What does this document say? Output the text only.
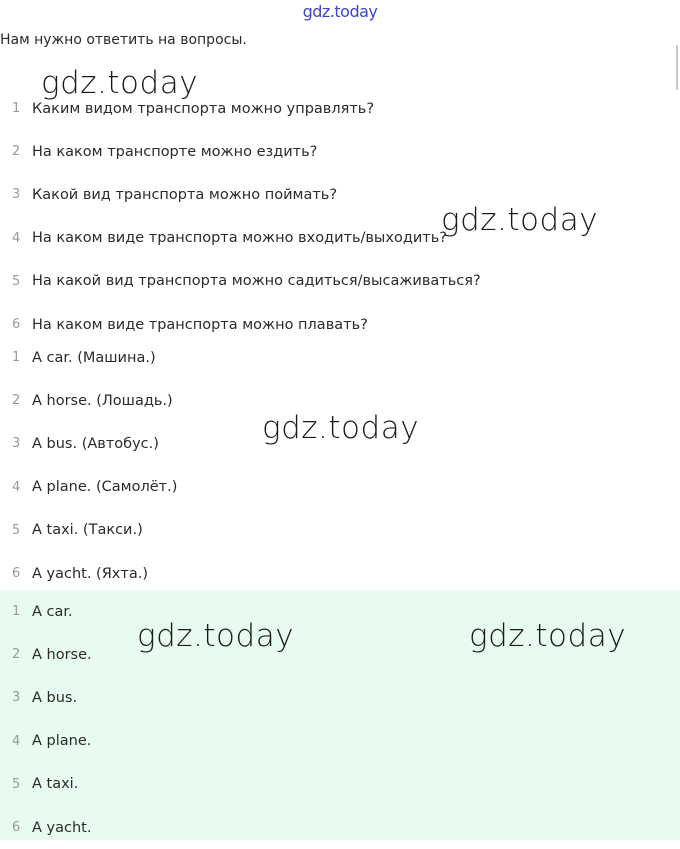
gdz.today
Нам нужно ответить на вопросы.
1 Каким видом транспорта можно управлять?
2 На каком транспорте можно ездить?
3 Какой вид транспорта можно поймать?
4 На каком виде транспорта можно входить/выходить?
5 На какой вид транспорта можно садиться/высаживаться?
6 На каком виде транспорта можно плавать?
1 A car. (Машина.)
2 A horse. (Лошадь.)
3 A bus. (Автобус.)
4 A plane. (Самолёт.)
5 A taxi. (Такси.)
6 A yacht. (Яхта.)
1 A car.
2 A horse.
3 A bus.
4 A plane.
5 A taxi.
6 A yacht.
gdz.today
gdz.today
gdz.today
gdz.today	gdz.today
